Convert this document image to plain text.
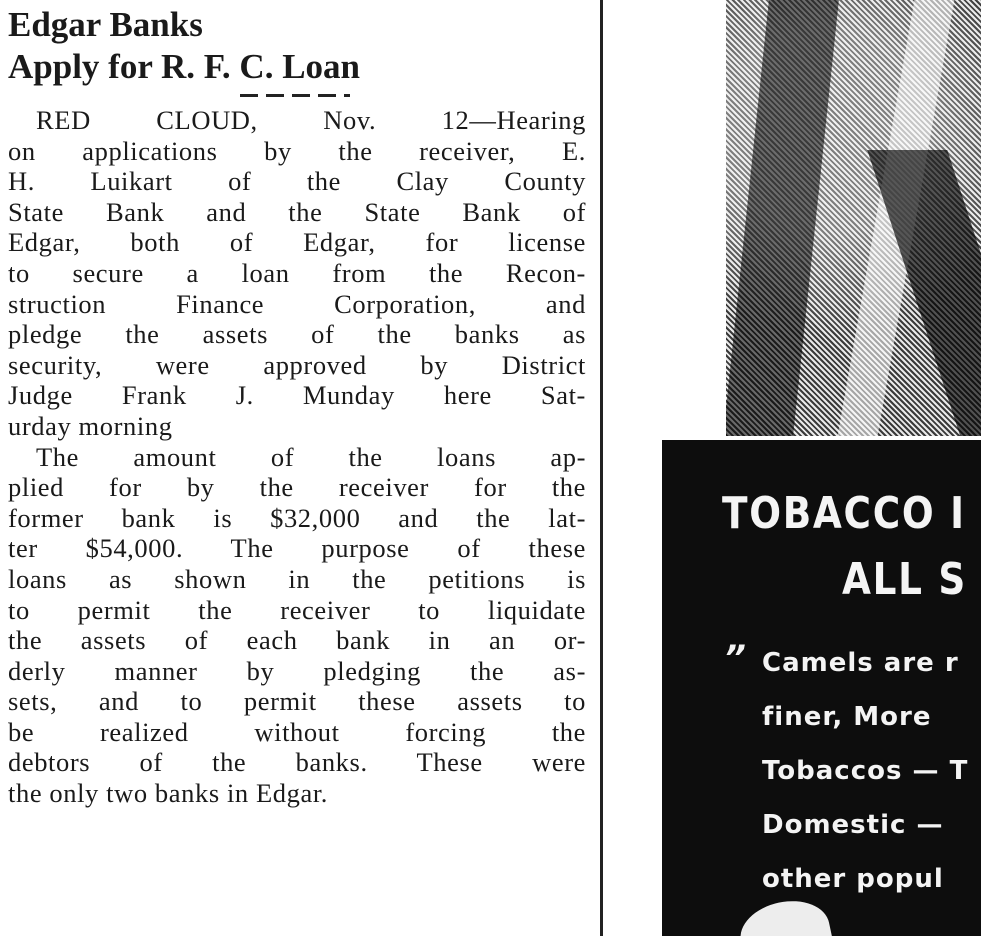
Edgar Banks
Apply for R. F. C. Loan
RED CLOUD, Nov. 12—Hearing
on applications by the receiver, E.
H. Luikart of the Clay County
State Bank and the State Bank of
Edgar, both of Edgar, for license
to secure a loan from the Recon-
struction Finance Corporation, and
pledge the assets of the banks as
security, were approved by District
Judge Frank J. Munday here Sat-
urday morning
The amount of the loans ap-
plied for by the receiver for the
former bank is $32,000 and the lat-
ter $54,000. The purpose of these
loans as shown in the petitions is
to permit the receiver to liquidate
the assets of each bank in an or-
derly manner by pledging the as-
sets, and to permit these assets to
be realized without forcing the
debtors of the banks. These were
the only two banks in Edgar.
TOBACCO I
ALL S
” Camels are r
finer, More
Tobaccos — T
Domestic —
other popul
